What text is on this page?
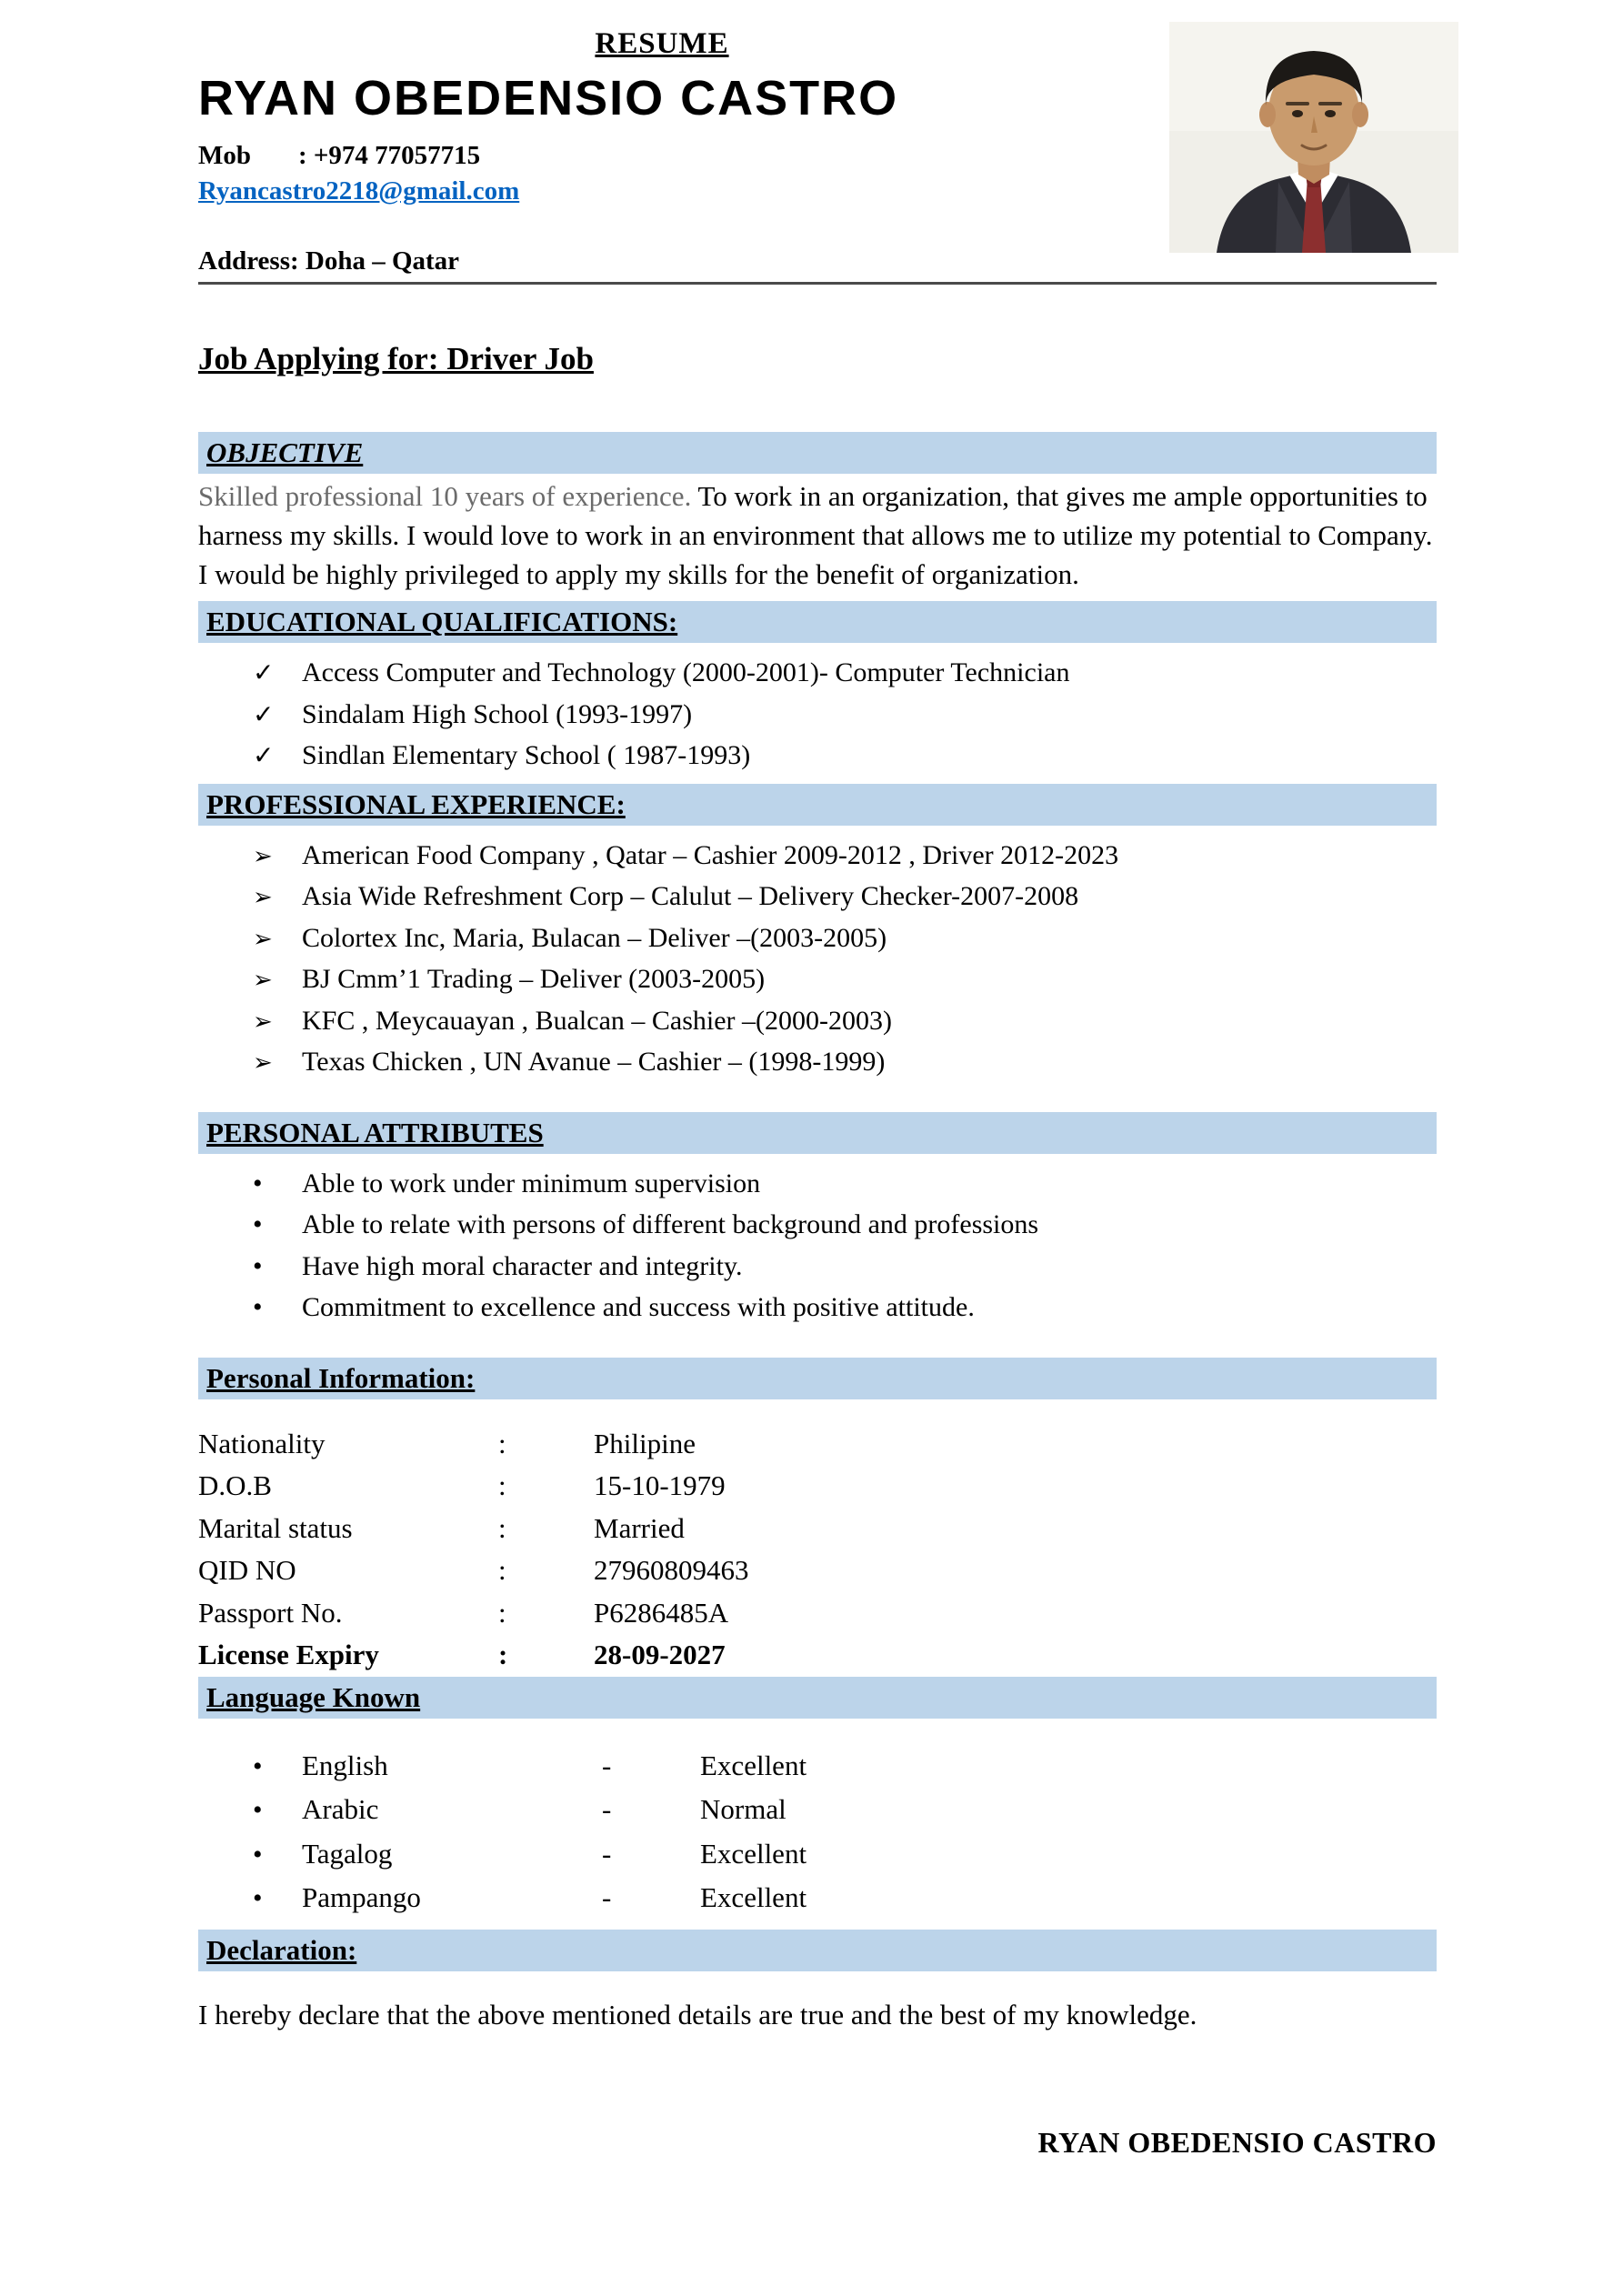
RESUME
RYAN OBEDENSIO CASTRO
Mob : +974 77057715
Ryancastro2218@gmail.com
Address: Doha – Qatar
Job Applying for: Driver Job
OBJECTIVE

Skilled professional 10 years of experience. To work in an organization, that gives me ample opportunities to harness my skills. I would love to work in an environment that allows me to utilize my potential to Company. I would be highly privileged to apply my skills for the benefit of organization.

EDUCATIONAL QUALIFICATIONS:
✓	Access Computer and Technology (2000-2001)- Computer Technician
✓	Sindalam High School (1993-1997)
✓	Sindlan Elementary School ( 1987-1993)
PROFESSIONAL EXPERIENCE:
➢	American Food Company , Qatar – Cashier 2009-2012 , Driver 2012-2023
➢	Asia Wide Refreshment Corp – Calulut – Delivery Checker-2007-2008
➢	Colortex Inc, Maria, Bulacan – Deliver –(2003-2005)
➢	BJ Cmm’1 Trading – Deliver (2003-2005)
➢	KFC , Meycauayan , Bualcan – Cashier –(2000-2003)
➢	Texas Chicken , UN Avanue – Cashier – (1998-1999)
PERSONAL ATTRIBUTES
•	Able to work under minimum supervision
•	Able to relate with persons of different background and professions
•	Have high moral character and integrity.
•	Commitment to excellence and success with positive attitude.
Personal Information:
Nationality	:	Philipine
D.O.B	:	15-10-1979
Marital status	:	Married
QID NO	:	27960809463
Passport No.	:	P6286485A
License Expiry	:	28-09-2027
Language Known
•	English	-	Excellent
•	Arabic	-	Normal
•	Tagalog	-	Excellent
•	Pampango	-	Excellent
Declaration:

I hereby declare that the above mentioned details are true and the best of my knowledge.

RYAN OBEDENSIO CASTRO
